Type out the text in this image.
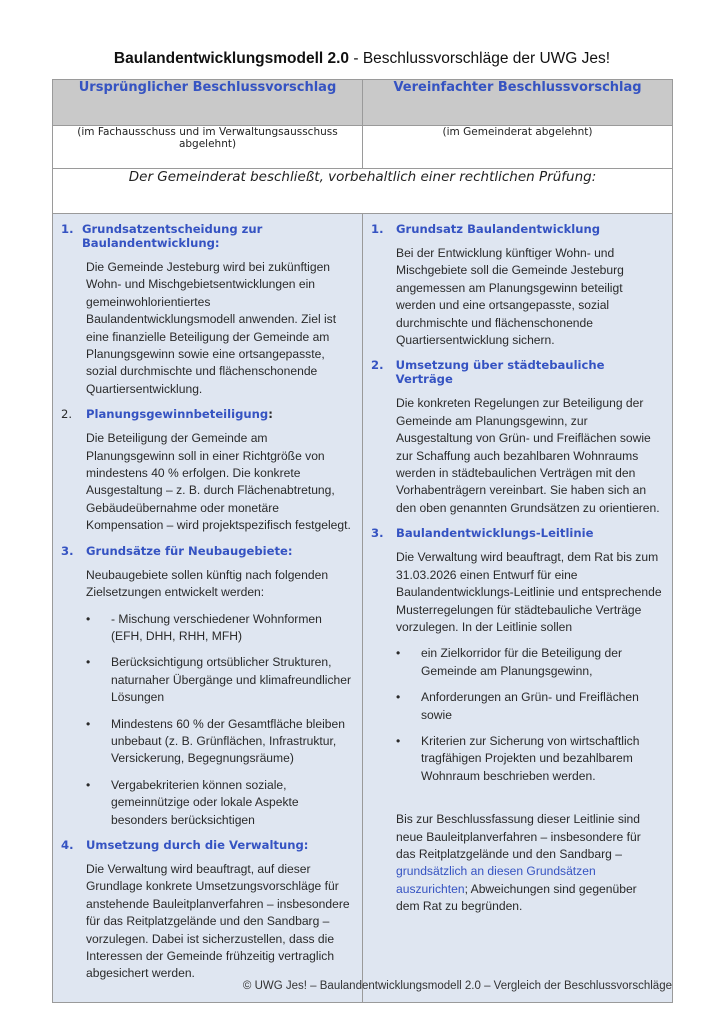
Baulandentwicklungsmodell 2.0 - Beschlussvorschläge der UWG Jes!
Ursprünglicher Beschlussvorschlag	Vereinfachter Beschlussvorschlag
(im Fachausschuss und im Verwaltungsausschuss abgelehnt)	(im Gemeinderat abgelehnt)
Der Gemeinderat beschließt, vorbehaltlich einer rechtlichen Prüfung:	

1. Grundsatzentscheidung zur Baulandentwicklung:
Die Gemeinde Jesteburg wird bei zukünftigen Wohn- und Mischgebietsentwicklungen ein gemeinwohlorientiertes Baulandentwicklungsmodell anwenden. Ziel ist eine finanzielle Beteiligung der Gemeinde am Planungsgewinn sowie eine ortsangepasste, sozial durchmischte und flächenschonende Quartiersentwicklung.
2.	Planungsgewinnbeteiligung :
Die Beteiligung der Gemeinde am Planungsgewinn soll in einer Richtgröße von mindestens 40 % erfolgen. Die konkrete Ausgestaltung – z. B. durch Flächenabtretung, Gebäudeübernahme oder monetäre Kompensation – wird projektspezifisch festgelegt.
3.	Grundsätze für Neubaugebiete:
Neubaugebiete sollen künftig nach folgenden Zielsetzungen entwickelt werden:
•	- Mischung verschiedener Wohnformen (EFH, DHH, RHH, MFH)
•	Berücksichtigung ortsüblicher Strukturen, naturnaher Übergänge und klimafreundlicher Lösungen
•	Mindestens 60 % der Gesamtfläche bleiben unbebaut (z. B. Grünflächen, Infrastruktur, Versickerung, Begegnungsräume)
•	Vergabekriterien können soziale, gemeinnützige oder lokale Aspekte besonders berücksichtigen
4.	Umsetzung durch die Verwaltung:
Die Verwaltung wird beauftragt, auf dieser Grundlage konkrete Umsetzungsvorschläge für anstehende Bauleitplanverfahren – insbesondere für das Reitplatzgelände und den Sandbarg – vorzulegen. Dabei ist sicherzustellen, dass die Interessen der Gemeinde frühzeitig vertraglich abgesichert werden.

1.	Grundsatz Baulandentwicklung
Bei der Entwicklung künftiger Wohn- und Mischgebiete soll die Gemeinde Jesteburg angemessen am Planungsgewinn beteiligt werden und eine ortsangepasste, sozial durchmischte und flächenschonende Quartiersentwicklung sichern.
2.	Umsetzung über städtebauliche Verträge
Die konkreten Regelungen zur Beteiligung der Gemeinde am Planungsgewinn, zur Ausgestaltung von Grün- und Freiflächen sowie zur Schaffung auch bezahlbaren Wohnraums werden in städtebaulichen Verträgen mit den Vorhabenträgern vereinbart. Sie haben sich an den oben genannten Grundsätzen zu orientieren.
3.	Baulandentwicklungs-Leitlinie
Die Verwaltung wird beauftragt, dem Rat bis zum 31.03.2026 einen Entwurf für eine Baulandentwicklungs-Leitlinie und entsprechende Musterregelungen für städtebauliche Verträge vorzulegen. In der Leitlinie sollen
•	ein Zielkorridor für die Beteiligung der Gemeinde am Planungsgewinn,
•	Anforderungen an Grün- und Freiflächen sowie
•	Kriterien zur Sicherung von wirtschaftlich tragfähigen Projekten und bezahlbarem Wohnraum beschrieben werden.
Bis zur Beschlussfassung dieser Leitlinie sind neue Bauleitplanverfahren – insbesondere für das Reitplatzgelände und den Sandbarg – grundsätzlich an diesen Grundsätzen auszurichten; Abweichungen sind gegenüber dem Rat zu begründen.
© UWG Jes! – Baulandentwicklungsmodell 2.0 – Vergleich der Beschlussvorschläge
